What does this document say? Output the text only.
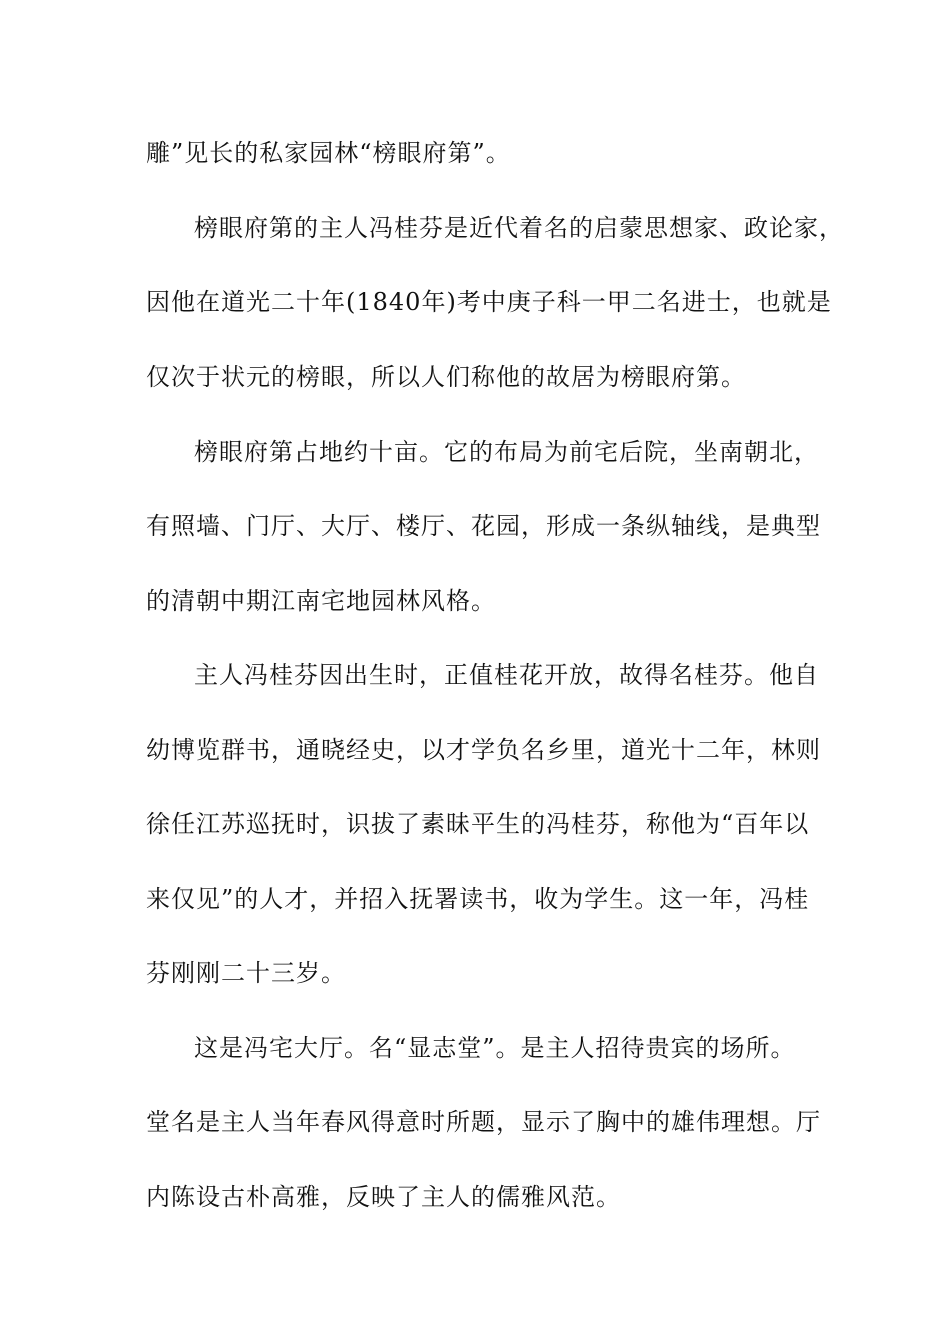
雕”见长的私家园林“榜眼府第”。
榜眼府第的主人冯桂芬是近代着名的启蒙思想家、政论家，
因他在道光二十年(1840年)考中庚子科一甲二名进士，也就是
仅次于状元的榜眼，所以人们称他的故居为榜眼府第。
榜眼府第占地约十亩。它的布局为前宅后院，坐南朝北，
有照墙、门厅、大厅、楼厅、花园，形成一条纵轴线，是典型
的清朝中期江南宅地园林风格。
主人冯桂芬因出生时，正值桂花开放，故得名桂芬。他自
幼博览群书，通晓经史，以才学负名乡里，道光十二年，林则
徐任江苏巡抚时，识拔了素昧平生的冯桂芬，称他为“百年以
来仅见”的人才，并招入抚署读书，收为学生。这一年，冯桂
芬刚刚二十三岁。
这是冯宅大厅。名“显志堂”。是主人招待贵宾的场所。
堂名是主人当年春风得意时所题，显示了胸中的雄伟理想。厅
内陈设古朴高雅，反映了主人的儒雅风范。
